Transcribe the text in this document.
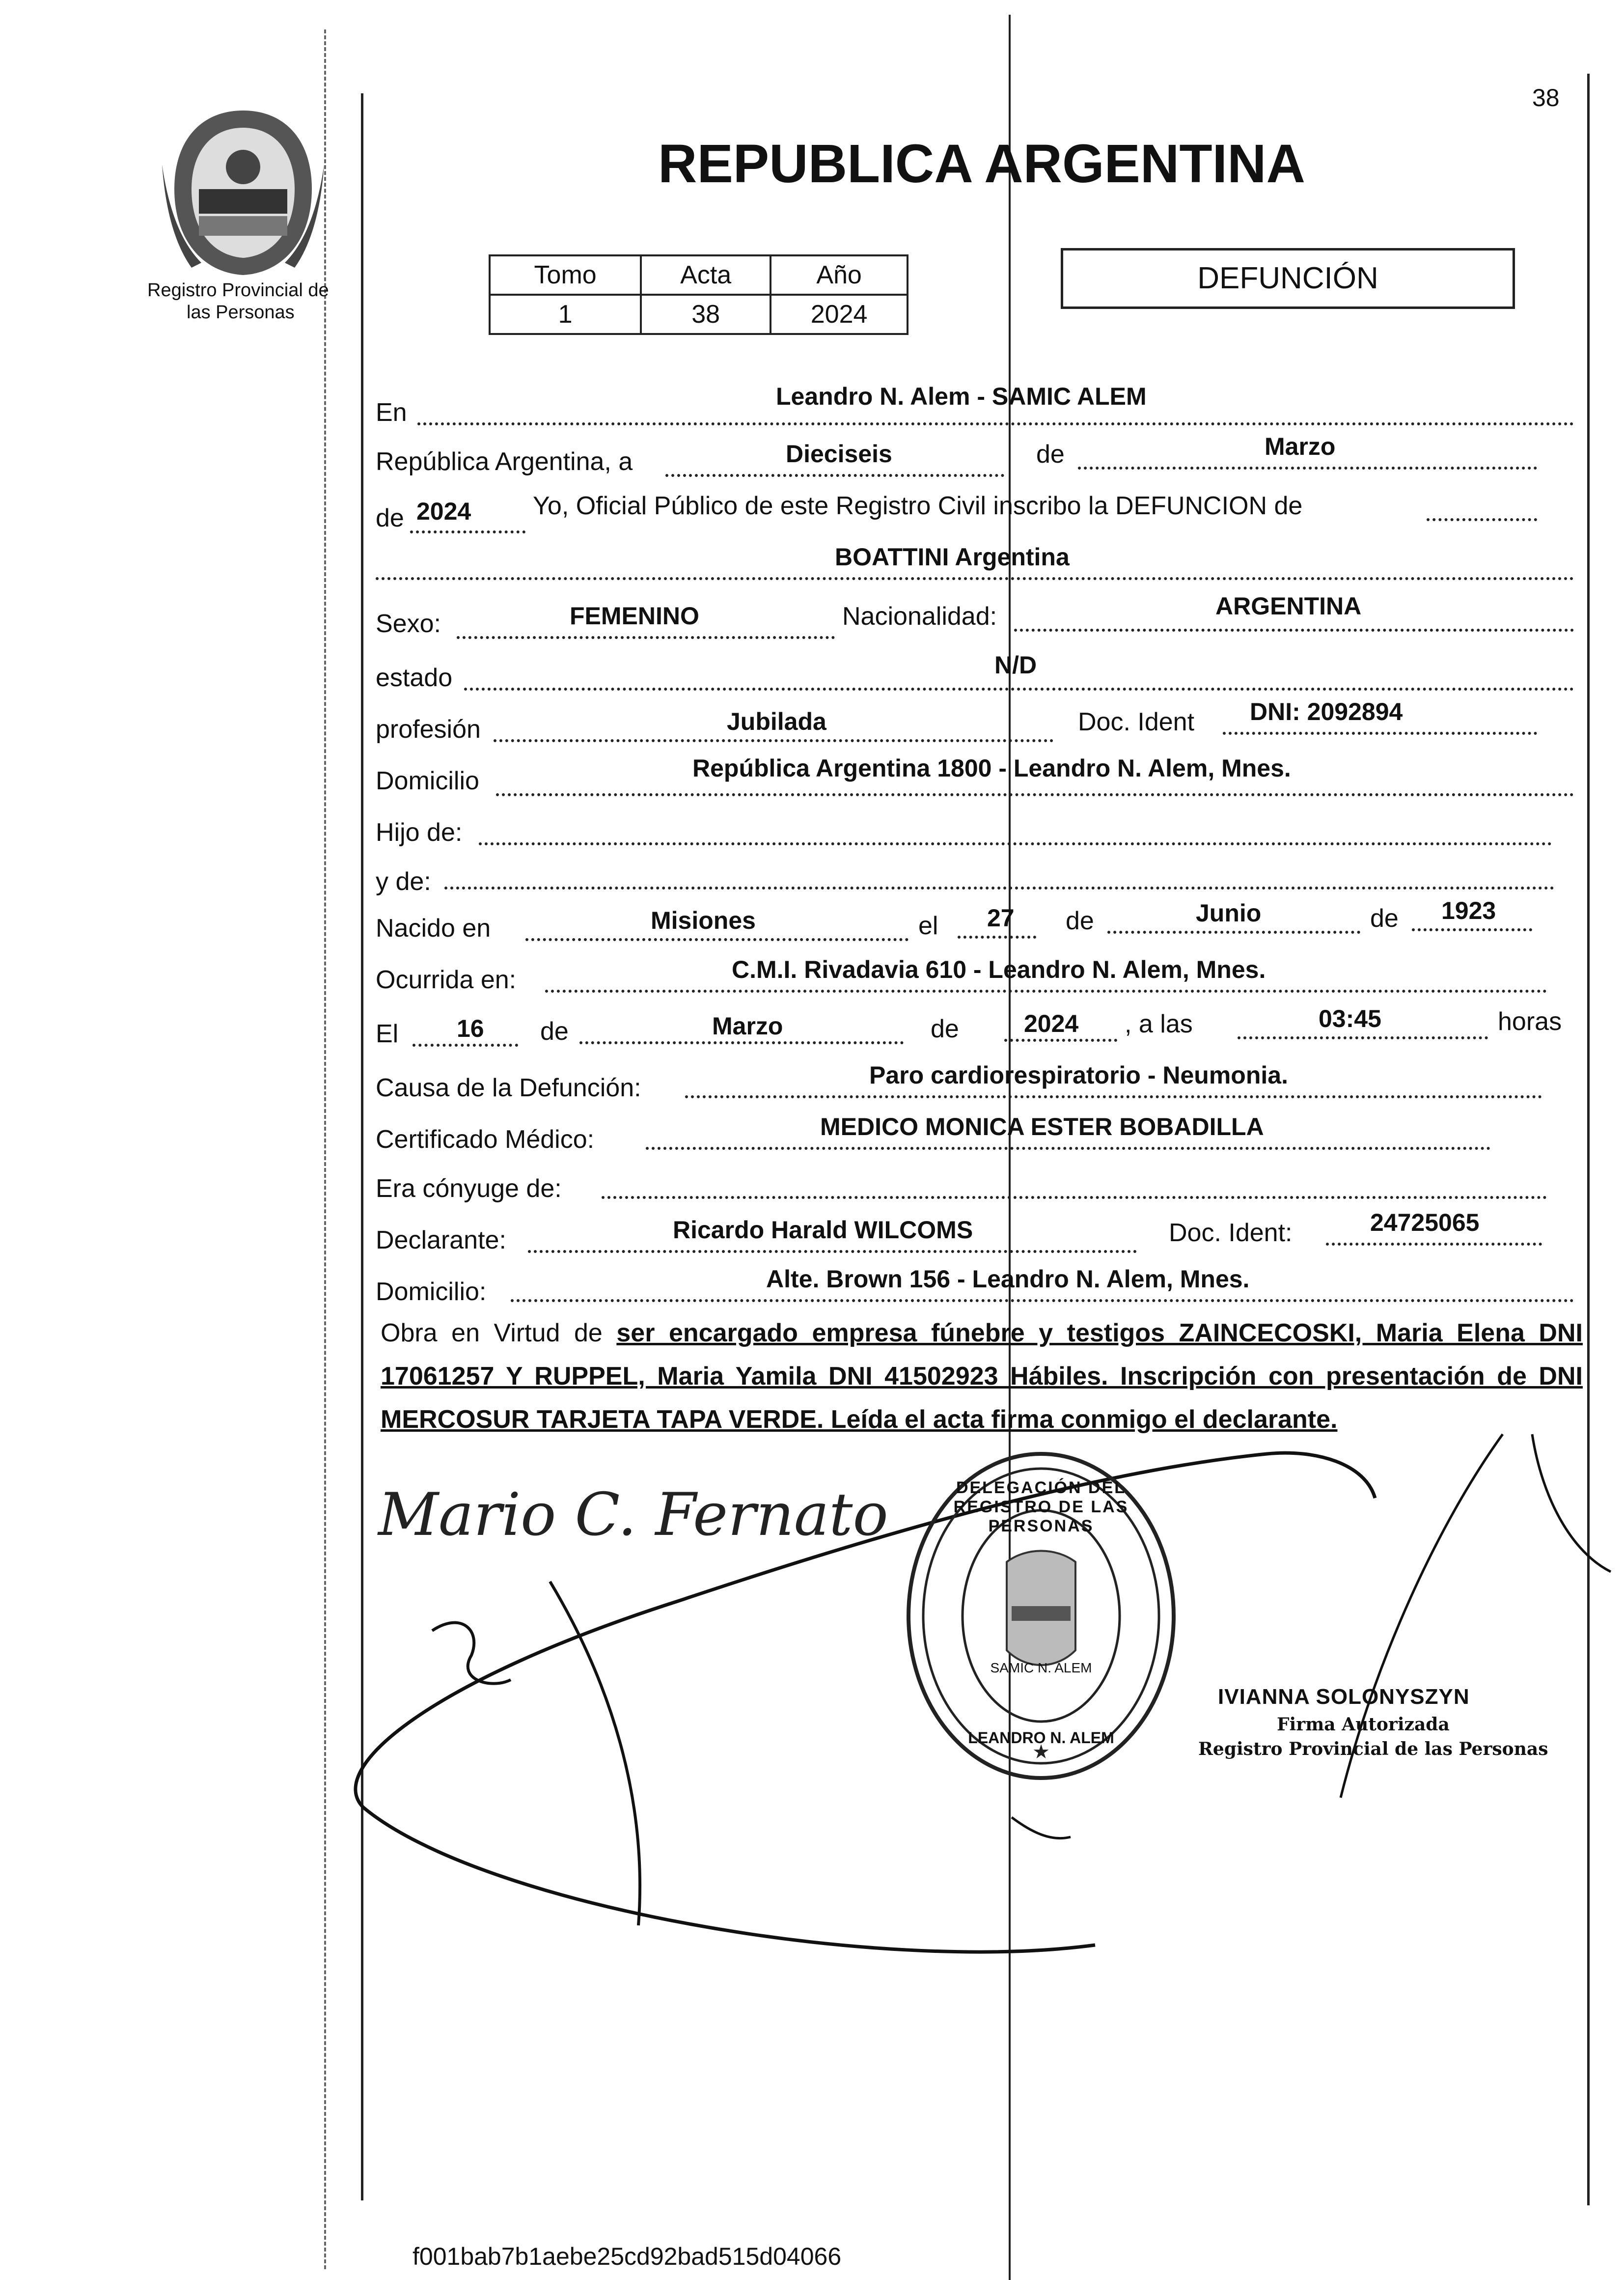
38
Registro Provincial de
las Personas
REPUBLICA ARGENTINA
Tomo	Acta	Año
1	38	2024
DEFUNCIÓN
En
Leandro N. Alem - SAMIC ALEM
República Argentina, a	Dieciseis	de	Marzo
de 2024 Yo, Oficial Público de este Registro Civil inscribo la DEFUNCION de
BOATTINI Argentina
Sexo:	FEMENINO	Nacionalidad:	ARGENTINA
estado	N/D
profesión	Jubilada	Doc. Ident DNI: 2092894
Domicilio	República Argentina 1800 - Leandro N. Alem, Mnes.
Hijo de:
y de:
Nacido en	Misiones	el 27 de	Junio	de 1923
Ocurrida en:	C.M.I. Rivadavia 610 - Leandro N. Alem, Mnes.
El 16 de	Marzo	de	2024 , a las	03:45	horas
Causa de la Defunción:	Paro cardiorespiratorio - Neumonia.
Certificado Médico:	MEDICO MONICA ESTER BOBADILLA
Era cónyuge de:
Declarante:	Ricardo Harald WILCOMS	Doc. Ident:	24725065
Domicilio:	Alte. Brown 156 - Leandro N. Alem, Mnes.
Obra en Virtud de ser encargado empresa fúnebre y testigos ZAINCECOSKI, Maria Elena DNI 17061257 Y RUPPEL, Maria Yamila DNI 41502923 Hábiles. Inscripción con presentación de DNI MERCOSUR TARJETA TAPA VERDE. Leída el acta firma conmigo el declarante.
Mario C. Fernato
★
DELEGACIÓN DEL REGISTRO DE LAS PERSONAS
SAMIC N. ALEM
LEANDRO N. ALEM
IVIANNA SOLONYSZYN
Firma Autorizada
Registro Provincial de las Personas
f001bab7b1aebe25cd92bad515d04066
